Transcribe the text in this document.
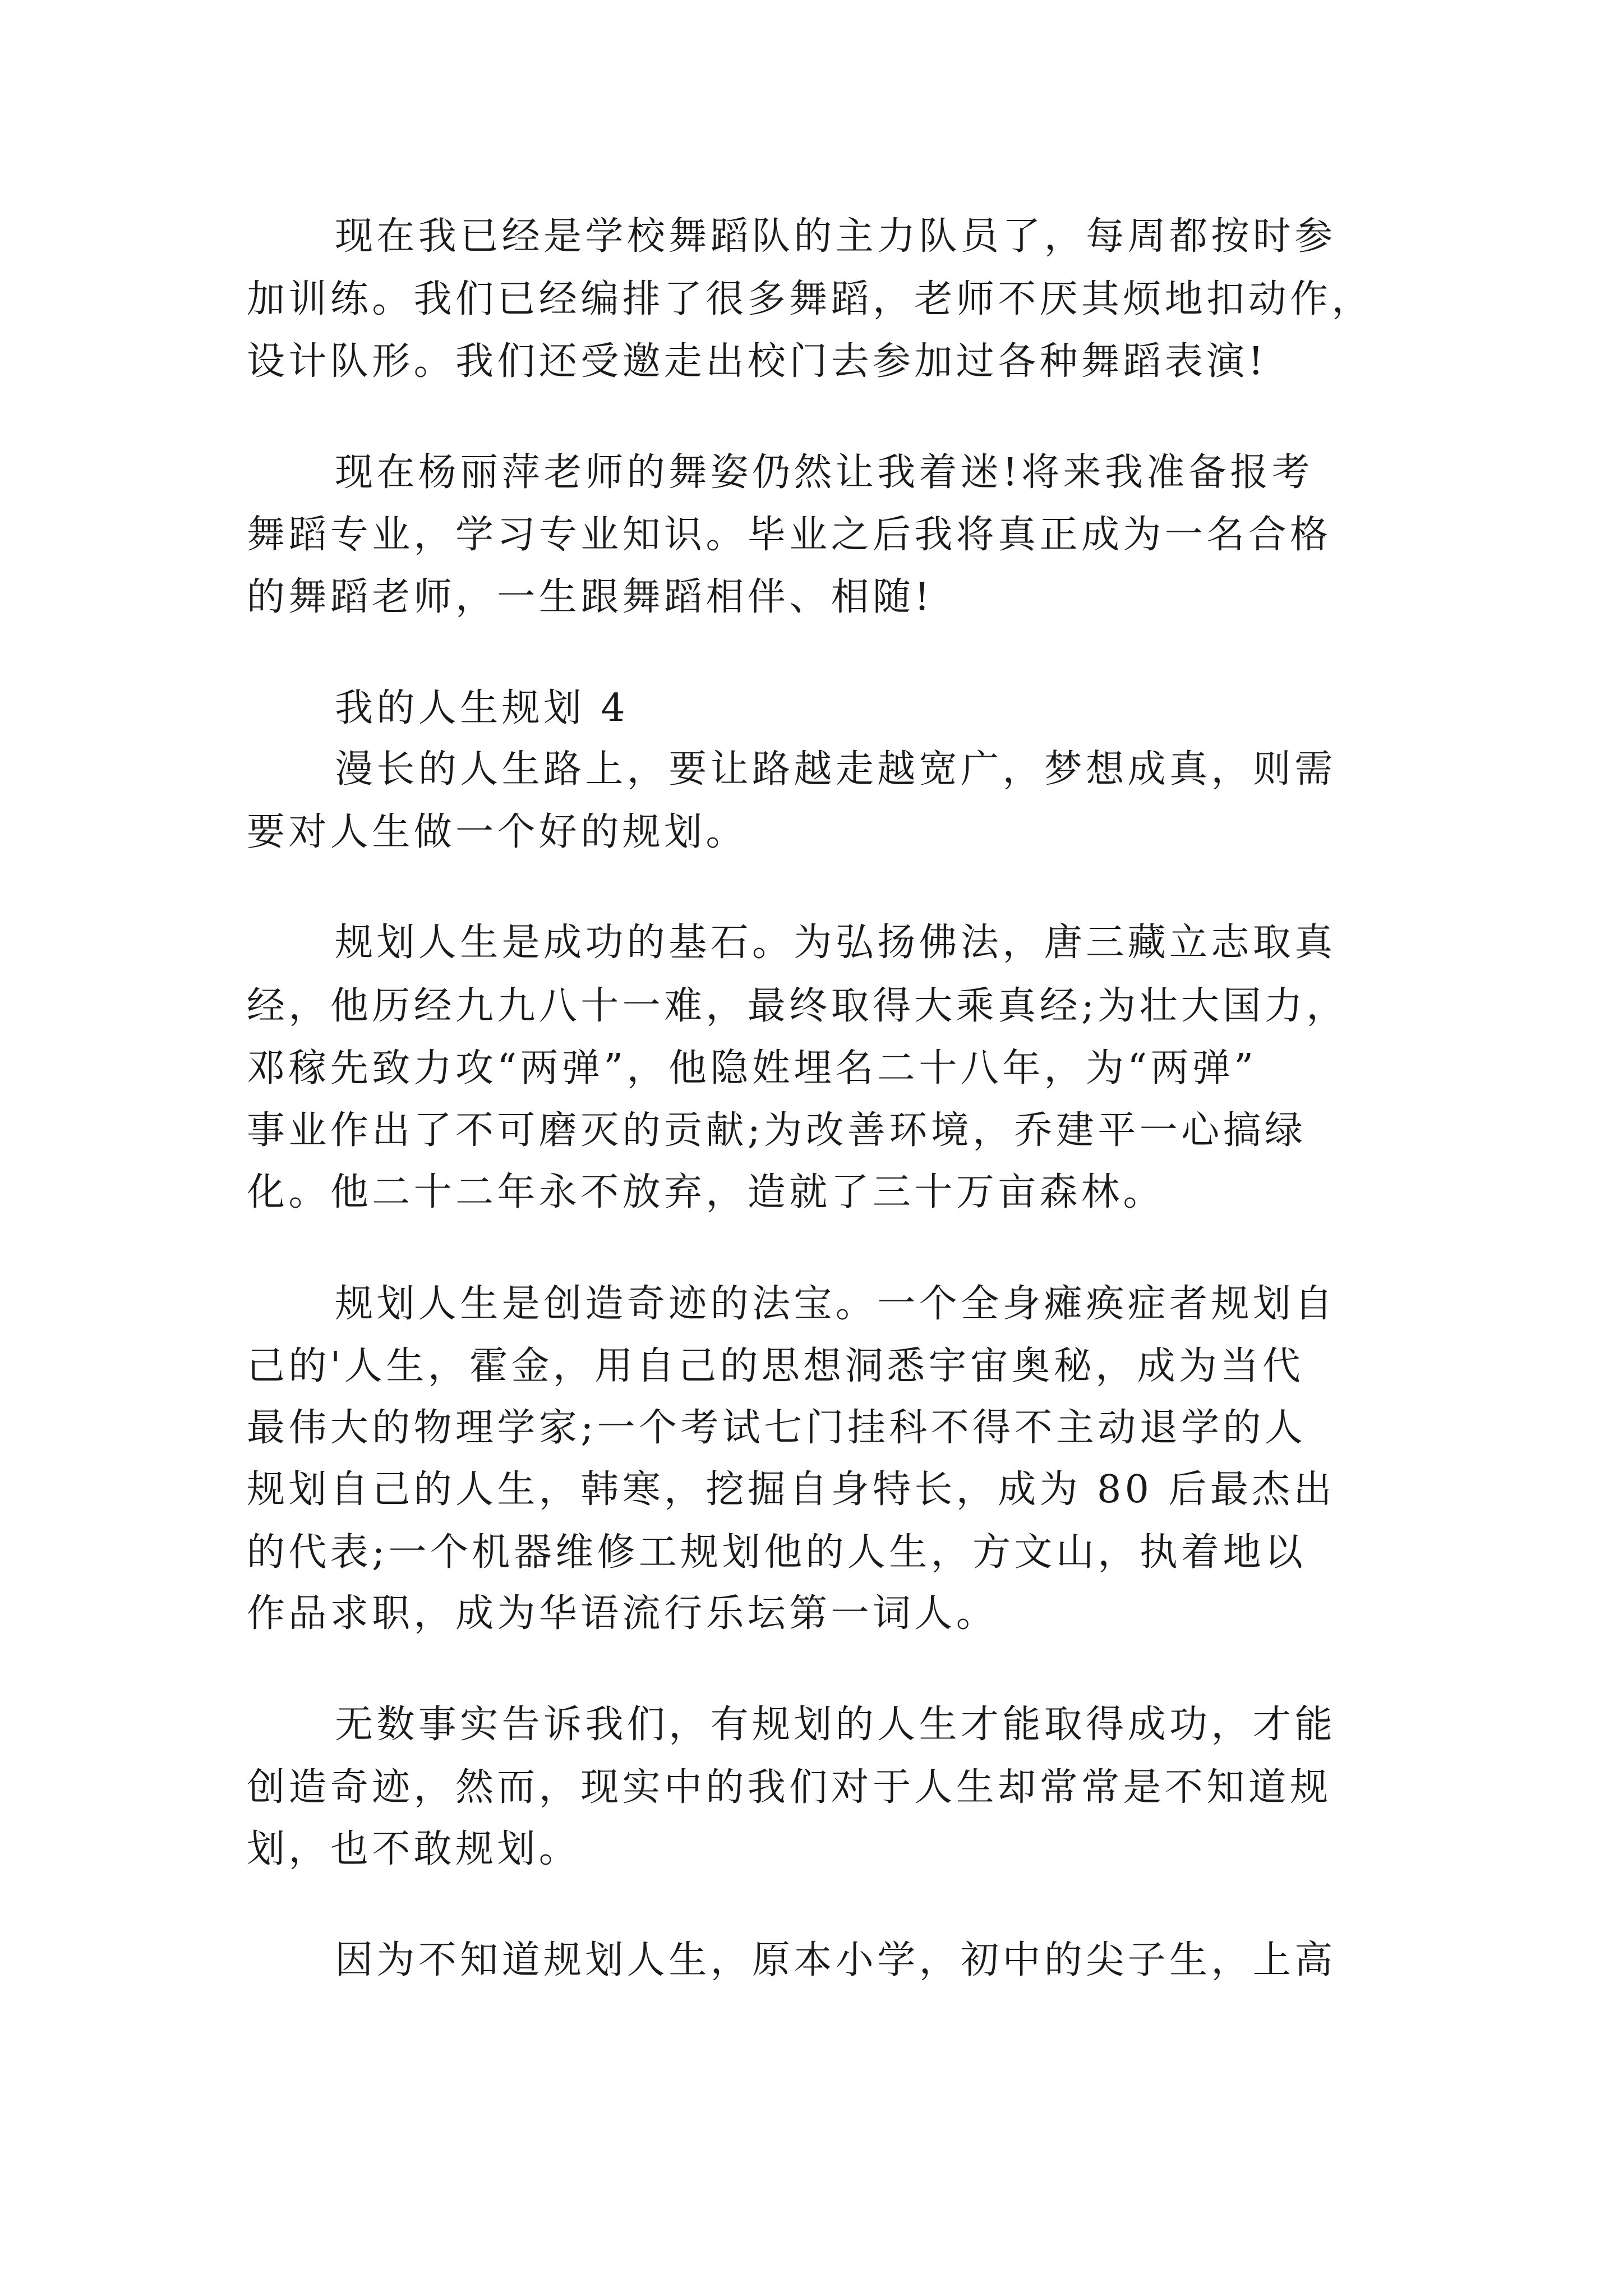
现在我已经是学校舞蹈队的主力队员了，每周都按时参
加训练。我们已经编排了很多舞蹈，老师不厌其烦地扣动作，
设计队形。我们还受邀走出校门去参加过各种舞蹈表演!
现在杨丽萍老师的舞姿仍然让我着迷!将来我准备报考
舞蹈专业，学习专业知识。毕业之后我将真正成为一名合格
的舞蹈老师，一生跟舞蹈相伴、相随!
我的人生规划 4
漫长的人生路上，要让路越走越宽广，梦想成真，则需
要对人生做一个好的规划。
规划人生是成功的基石。为弘扬佛法，唐三藏立志取真
经，他历经九九八十一难，最终取得大乘真经;为壮大国力，
邓稼先致力攻“两弹”，他隐姓埋名二十八年，为“两弹”
事业作出了不可磨灭的贡献;为改善环境，乔建平一心搞绿
化。他二十二年永不放弃，造就了三十万亩森林。
规划人生是创造奇迹的法宝。一个全身瘫痪症者规划自
己的'人生，霍金，用自己的思想洞悉宇宙奥秘，成为当代
最伟大的物理学家;一个考试七门挂科不得不主动退学的人
规划自己的人生，韩寒，挖掘自身特长，成为 80 后最杰出
的代表;一个机器维修工规划他的人生，方文山，执着地以
作品求职，成为华语流行乐坛第一词人。
无数事实告诉我们，有规划的人生才能取得成功，才能
创造奇迹，然而，现实中的我们对于人生却常常是不知道规
划，也不敢规划。
因为不知道规划人生，原本小学，初中的尖子生，上高
